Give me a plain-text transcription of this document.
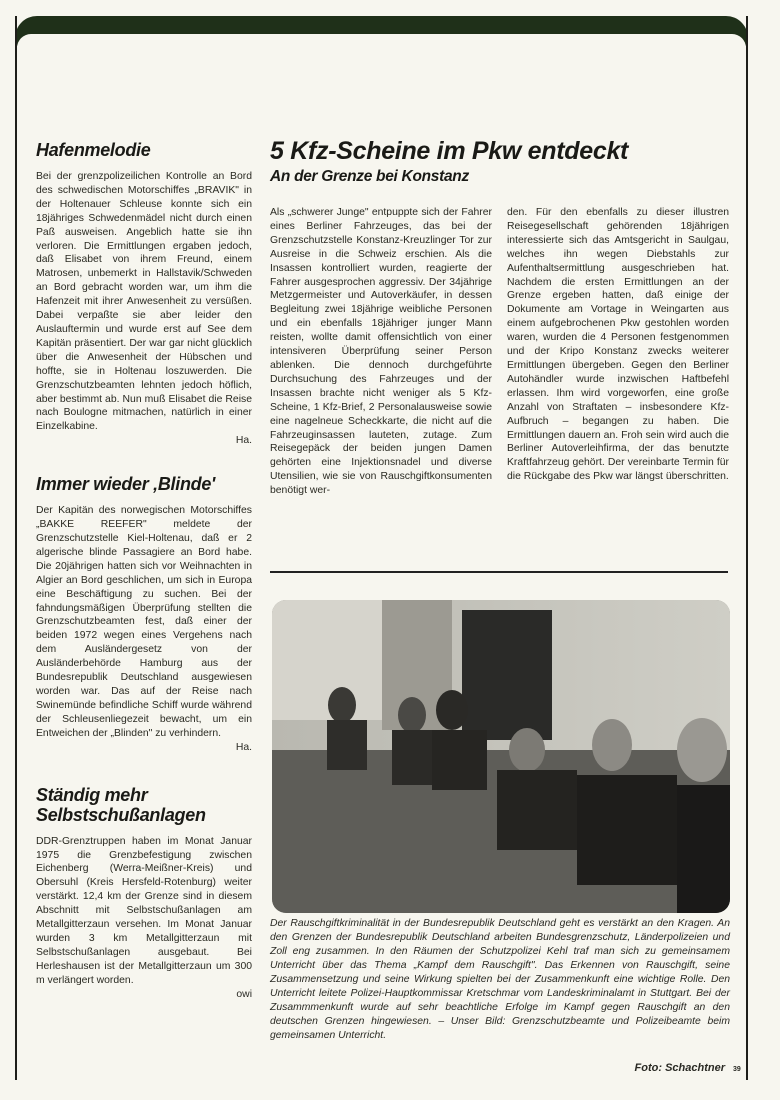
Hafenmelodie

Bei der grenzpolizeilichen Kontrolle an Bord des schwedischen Motorschiffes „BRAVIK" in der Holtenauer Schleuse konnte sich ein 18jähriges Schwedenmädel nicht durch einen Paß ausweisen. Angeblich hatte sie ihn verloren. Die Ermittlungen ergaben jedoch, daß Elisabet von ihrem Freund, einem Matrosen, unbemerkt in Hallstavik/Schweden an Bord gebracht worden war, um ihm die Hafenzeit mit ihrer Anwesenheit zu versüßen. Dabei verpaßte sie aber leider den Auslauftermin und wurde erst auf See dem Kapitän präsentiert. Der war gar nicht glücklich über die Anwesenheit der Hübschen und hoffte, sie in Holtenau loszuwerden. Die Grenzschutzbeamten lehnten jedoch höflich, aber bestimmt ab. Nun muß Elisabet die Reise nach Boulogne mitmachen, natürlich in einer Einzelkabine.

Ha.

Immer wieder ‚Blinde'

Der Kapitän des norwegischen Motorschiffes „BAKKE REEFER" meldete der Grenzschutzstelle Kiel-Holtenau, daß er 2 algerische blinde Passagiere an Bord habe. Die 20jährigen hatten sich vor Weihnachten in Algier an Bord geschlichen, um sich in Europa eine Beschäftigung zu suchen. Bei der fahndungsmäßigen Überprüfung stellten die Grenzschutzbeamten fest, daß einer der beiden 1972 wegen eines Vergehens nach dem Ausländergesetz von der Ausländerbehörde Hamburg aus der Bundesrepublik Deutschland ausgewiesen worden war. Das auf der Reise nach Swinemünde befindliche Schiff wurde während der Schleusenliegezeit bewacht, um ein Entweichen der „Blinden" zu verhindern.

Ha.

Ständig mehr Selbstschußanlagen

DDR-Grenztruppen haben im Monat Januar 1975 die Grenzbefestigung zwischen Eichenberg (Werra-Meißner-Kreis) und Obersuhl (Kreis Hersfeld-Rotenburg) weiter verstärkt. 12,4 km der Grenze sind in diesem Abschnitt mit Selbstschußanlagen am Metallgitterzaun versehen. Im Monat Januar wurden 3 km Metallgitterzaun mit Selbstschußanlagen ausgebaut. Bei Herleshausen ist der Metallgitterzaun um 300 m verlängert worden.

owi

5 Kfz-Scheine im Pkw entdeckt
An der Grenze bei Konstanz

Als „schwerer Junge" entpuppte sich der Fahrer eines Berliner Fahrzeuges, das bei der Grenzschutzstelle Konstanz-Kreuzlinger Tor zur Ausreise in die Schweiz erschien. Als die Insassen kontrolliert wurden, reagierte der Fahrer ausgesprochen aggressiv. Der 34jährige Metzgermeister und Autoverkäufer, in dessen Begleitung zwei 18jährige weibliche Personen und ein ebenfalls 18jähriger junger Mann reisten, wollte damit offensichtlich von einer intensiveren Überprüfung seiner Person ablenken. Die dennoch durchgeführte Durchsuchung des Fahrzeuges und der Insassen brachte nicht weniger als 5 Kfz-Scheine, 1 Kfz-Brief, 2 Personalausweise sowie eine nagelneue Scheckkarte, die nicht auf die Fahrzeuginsassen lauteten, zutage. Zum Reisegepäck der beiden jungen Damen gehörten eine Injektionsnadel und diverse Utensilien, wie sie von Rauschgiftkonsumenten benötigt wer-

den. Für den ebenfalls zu dieser illustren Reisegesellschaft gehörenden 18jährigen interessierte sich das Amtsgericht in Saulgau, welches ihn wegen Diebstahls zur Aufenthaltsermittlung ausgeschrieben hat. Nachdem die ersten Ermittlungen an der Grenze ergeben hatten, daß einige der Dokumente am Vortage in Weingarten aus einem aufgebrochenen Pkw gestohlen worden waren, wurden die 4 Personen festgenommen und der Kripo Konstanz zwecks weiterer Ermittlungen übergeben. Gegen den Berliner Autohändler wurde inzwischen Haftbefehl erlassen. Ihm wird vorgeworfen, eine große Anzahl von Straftaten – insbesondere Kfz-Aufbruch – begangen zu haben. Die Ermittlungen dauern an. Froh sein wird auch die Berliner Autoverleihfirma, der das benutzte Kraftfahrzeug gehört. Der vereinbarte Termin für die Rückgabe des Pkw war längst überschritten.

Der Rauschgiftkriminalität in der Bundesrepublik Deutschland geht es verstärkt an den Kragen. An den Grenzen der Bundesrepublik Deutschland arbeiten Bundesgrenzschutz, Länderpolizeien und Zoll eng zusammen. In den Räumen der Schutzpolizei Kehl traf man sich zu gemeinsamem Unterricht über das Thema „Kampf dem Rauschgift". Das Erkennen von Rauschgift, seine Zusammensetzung und seine Wirkung spielten bei der Zusammenkunft eine wichtige Rolle. Den Unterricht leitete Polizei-Hauptkommissar Kretschmar vom Landeskriminalamt in Stuttgart. Bei der Zusammmenkunft wurde auf sehr beachtliche Erfolge im Kampf gegen Rauschgift an den deutschen Grenzen hingewiesen. – Unser Bild: Grenzschutzbeamte und Polizeibeamte beim gemeinsamen Unterricht.

Foto: Schachtner 39
